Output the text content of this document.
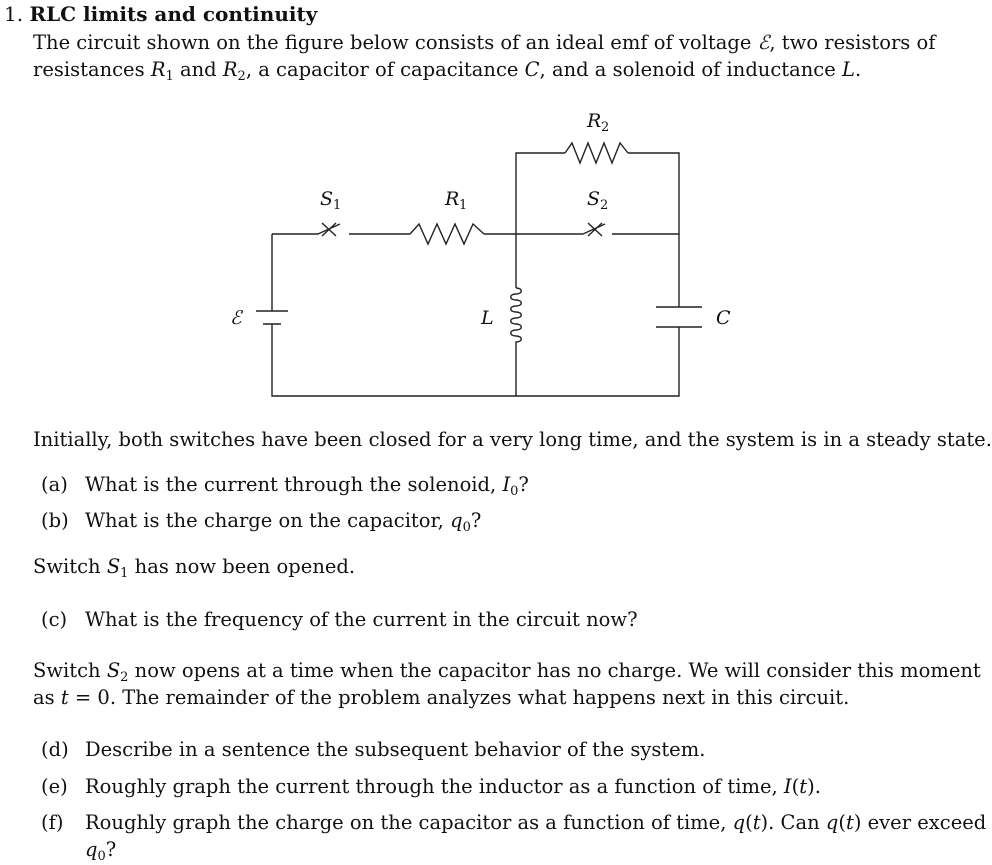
1. RLC limits and continuity
The circuit shown on the figure below consists of an ideal emf of voltage ℰ, two resistors of
resistances $R_1$ and $R_2$, a capacitor of capacitance C, and a solenoid of inductance L.
ℰ
S	R
R
S
L	C
1	1
2
2
Initially, both switches have been closed for a very long time, and the system is in a steady state.
(a) What is the current through the solenoid, $I_0$?
(b) What is the charge on the capacitor, $q_0$?
Switch $S_1$ has now been opened.
(c) What is the frequency of the current in the circuit now?
Switch $S_2$ now opens at a time when the capacitor has no charge. We will consider this moment
as t = 0. The remainder of the problem analyzes what happens next in this circuit.
(d) Describe in a sentence the subsequent behavior of the system.
(e) Roughly graph the current through the inductor as a function of time, I(t).
(f) Roughly graph the charge on the capacitor as a function of time, q(t). Can q(t) ever exceed
$q_0$?
